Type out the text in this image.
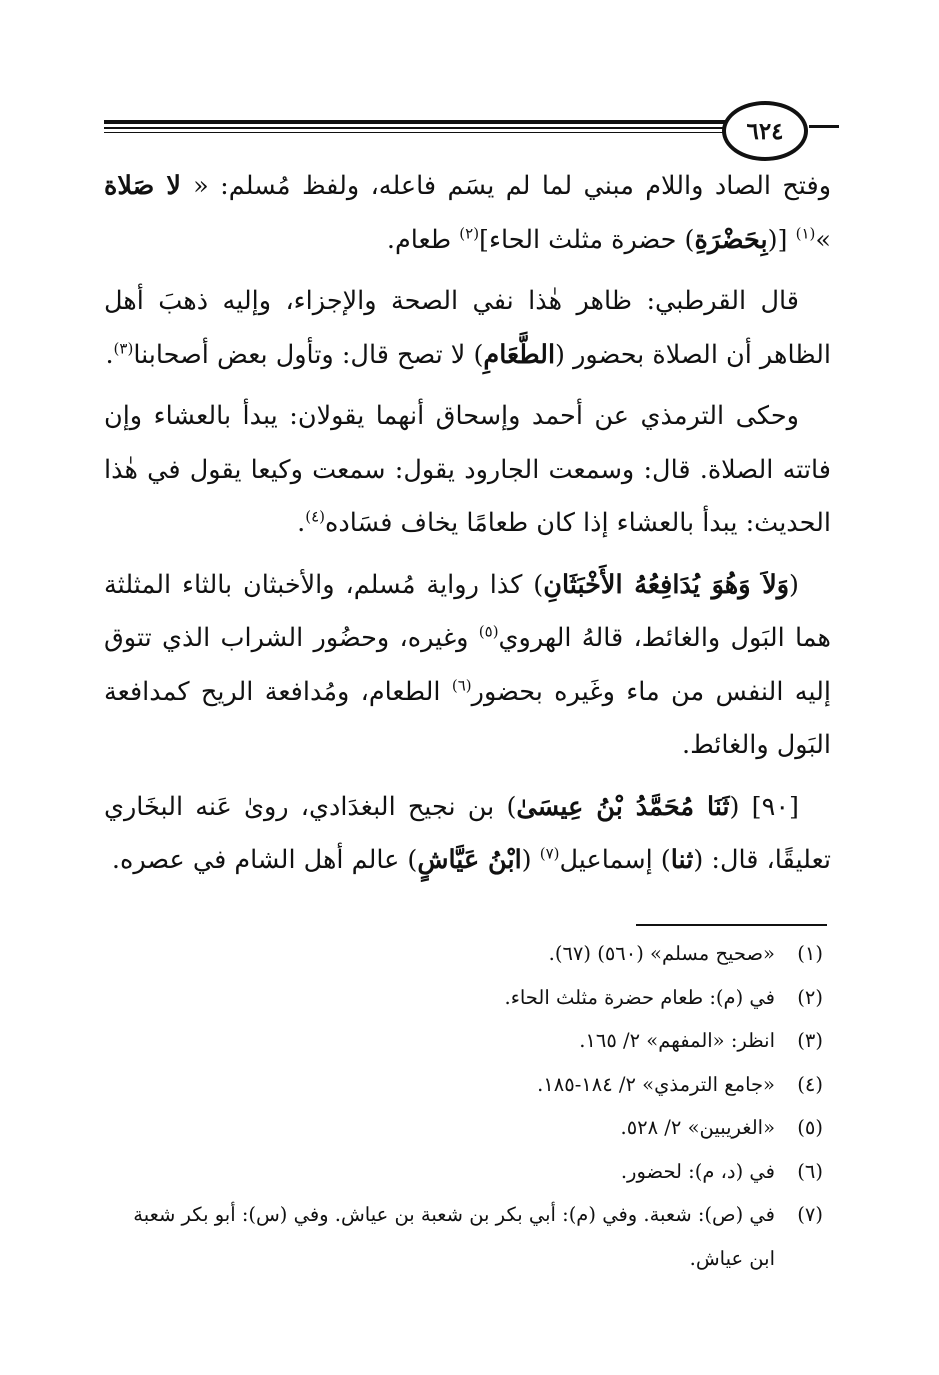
٦٢٤

وفتح الصاد واللام مبني لما لم يسَم فاعله، ولفظ مُسلم: « لا صَلاة »$^{(١)}$ [(بِحَضْرَةِ) حضرة مثلث الحاء]$^{(٢)}$ طعام.

قال القرطبي: ظاهر هٰذا نفي الصحة والإجزاء، وإليه ذهبَ أهل الظاهر أن الصلاة بحضور (الطَّعَامِ) لا تصح قال: وتأول بعض أصحابنا$^{(٣)}$.

وحكى الترمذي عن أحمد وإسحاق أنهما يقولان: يبدأ بالعشاء وإن فاتته الصلاة. قال: وسمعت الجارود يقول: سمعت وكيعا يقول في هٰذا الحديث: يبدأ بالعشاء إذا كان طعامًا يخاف فسَاده$^{(٤)}$.

(وَلاَ وَهُوَ يُدَافِعُهُ الأَخْبَثَانِ) كذا رواية مُسلم، والأخبثان بالثاء المثلثة هما البَول والغائط، قالهُ الهروي$^{(٥)}$ وغيره، وحضُور الشراب الذي تتوق إليه النفس من ماء وغَيره بحضور$^{(٦)}$ الطعام، ومُدافعة الريح كمدافعة البَول والغائط.

[٩٠] (ثَنَا مُحَمَّدُ بْنُ عِيسَىٰ) بن نجيح البغدَادي، روىٰ عَنه البخَاري تعليقًا، قال: (ثنا) إسماعيل$^{(٧)}$ (ابْنُ عَيَّاشٍ) عالم أهل الشام في عصره.

(١)
«صحيح مسلم» (٥٦٠) (٦٧).
(٢)
في (م): طعام حضرة مثلث الحاء.
(٣)
انظر: «المفهم» ٢/ ١٦٥.
(٤)
«جامع الترمذي» ٢/ ١٨٤-١٨٥.
(٥)
«الغريبين» ٢/ ٥٢٨.
(٦)
في (د، م): لحضور.
(٧)
في (ص): شعبة. وفي (م): أبي بكر بن شعبة بن عياش. وفي (س): أبو بكر شعبة ابن عياش.
